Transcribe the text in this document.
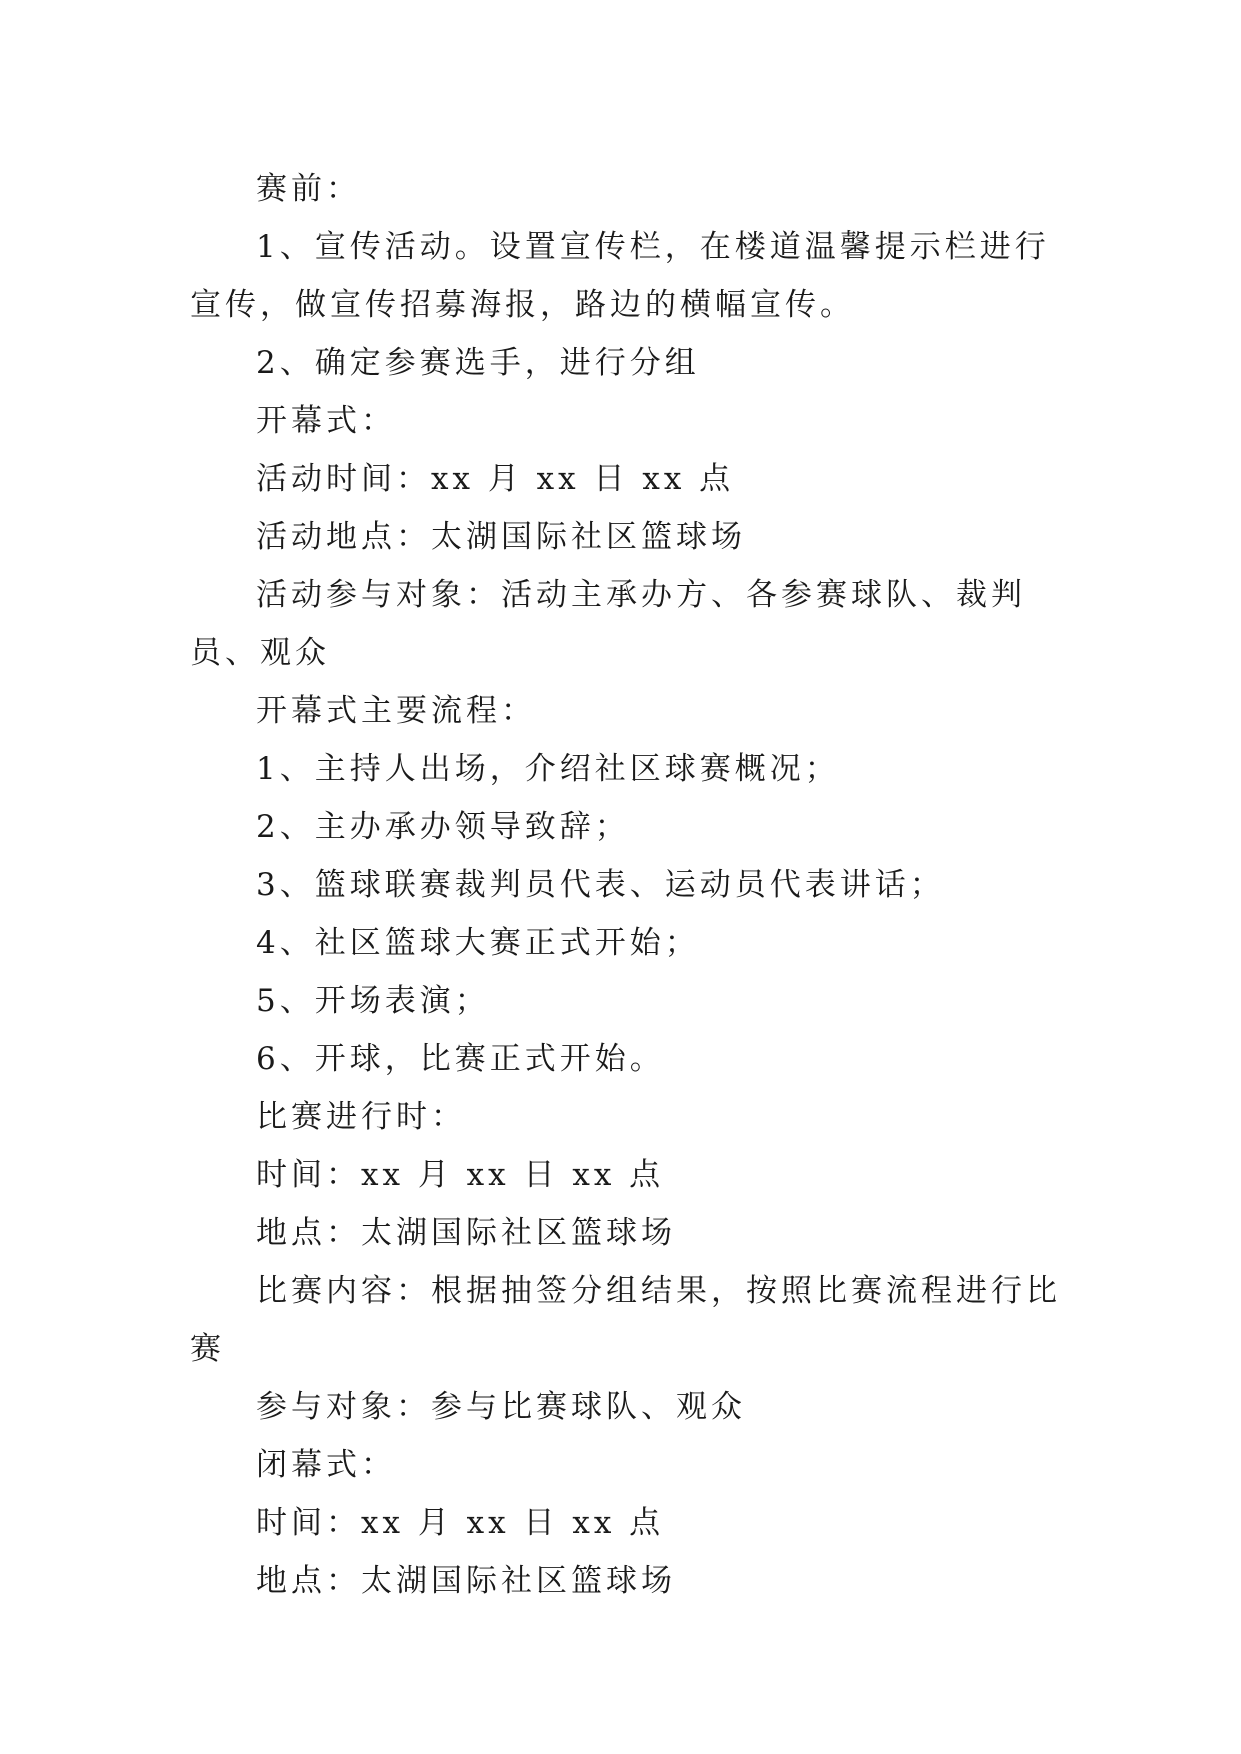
赛前：

1、宣传活动。设置宣传栏，在楼道温馨提示栏进行宣传，做宣传招募海报，路边的横幅宣传。

2、确定参赛选手，进行分组

开幕式：

活动时间：xx 月 xx 日 xx 点

活动地点：太湖国际社区篮球场

活动参与对象：活动主承办方、各参赛球队、裁判员、观众

开幕式主要流程：

1、主持人出场，介绍社区球赛概况；

2、主办承办领导致辞；

3、篮球联赛裁判员代表、运动员代表讲话；

4、社区篮球大赛正式开始；

5、开场表演；

6、开球，比赛正式开始。

比赛进行时：

时间：xx 月 xx 日 xx 点

地点：太湖国际社区篮球场

比赛内容：根据抽签分组结果，按照比赛流程进行比赛

参与对象：参与比赛球队、观众

闭幕式：

时间：xx 月 xx 日 xx 点

地点：太湖国际社区篮球场
